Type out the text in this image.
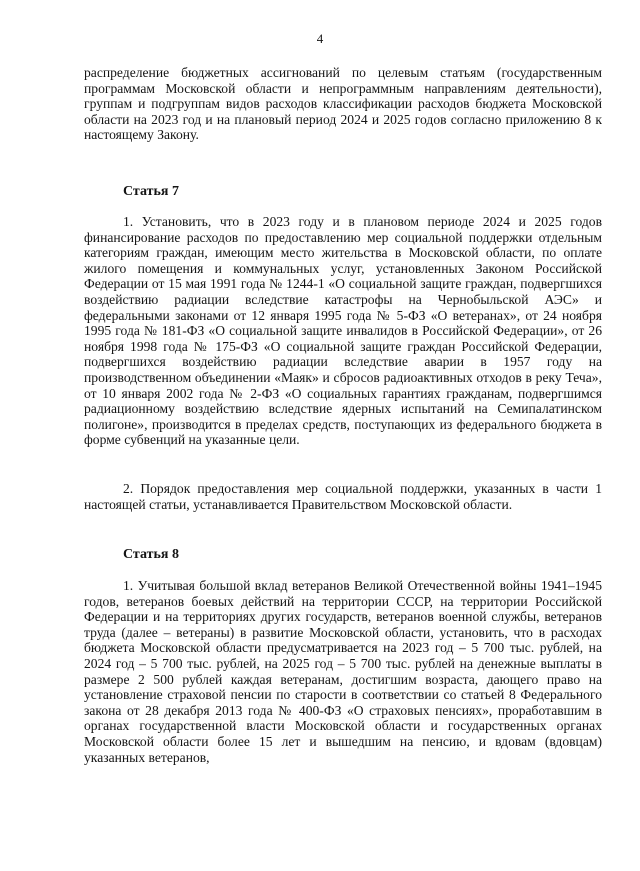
4

распределение бюджетных ассигнований по целевым статьям (государственным программам Московской области и непрограммным направлениям деятельности), группам и подгруппам видов расходов классификации расходов бюджета Московской области на 2023 год и на плановый период 2024 и 2025 годов согласно приложению 8 к настоящему Закону.

Статья 7

1. Установить, что в 2023 году и в плановом периоде 2024 и 2025 годов финансирование расходов по предоставлению мер социальной поддержки отдельным категориям граждан, имеющим место жительства в Московской области, по оплате жилого помещения и коммунальных услуг, установленных Законом Российской Федерации от 15 мая 1991 года № 1244-1 «О социальной защите граждан, подвергшихся воздействию радиации вследствие катастрофы на Чернобыльской АЭС» и федеральными законами от 12 января 1995 года № 5-ФЗ «О ветеранах», от 24 ноября 1995 года № 181-ФЗ «О социальной защите инвалидов в Российской Федерации», от 26 ноября 1998 года № 175-ФЗ «О социальной защите граждан Российской Федерации, подвергшихся воздействию радиации вследствие аварии в 1957 году на производственном объединении «Маяк» и сбросов радиоактивных отходов в реку Теча», от 10 января 2002 года № 2-ФЗ «О социальных гарантиях гражданам, подвергшимся радиационному воздействию вследствие ядерных испытаний на Семипалатинском полигоне», производится в пределах средств, поступающих из федерального бюджета в форме субвенций на указанные цели.

2. Порядок предоставления мер социальной поддержки, указанных в части 1 настоящей статьи, устанавливается Правительством Московской области.

Статья 8

1. Учитывая большой вклад ветеранов Великой Отечественной войны 1941–1945 годов, ветеранов боевых действий на территории СССР, на территории Российской Федерации и на территориях других государств, ветеранов военной службы, ветеранов труда (далее – ветераны) в развитие Московской области, установить, что в расходах бюджета Московской области предусматривается на 2023 год – 5 700 тыс. рублей, на 2024 год – 5 700 тыс. рублей, на 2025 год – 5 700 тыс. рублей на денежные выплаты в размере 2 500 рублей каждая ветеранам, достигшим возраста, дающего право на установление страховой пенсии по старости в соответствии со статьей 8 Федерального закона от 28 декабря 2013 года № 400-ФЗ «О страховых пенсиях», проработавшим в органах государственной власти Московской области и государственных органах Московской области более 15 лет и вышедшим на пенсию, и вдовам (вдовцам) указанных ветеранов,
